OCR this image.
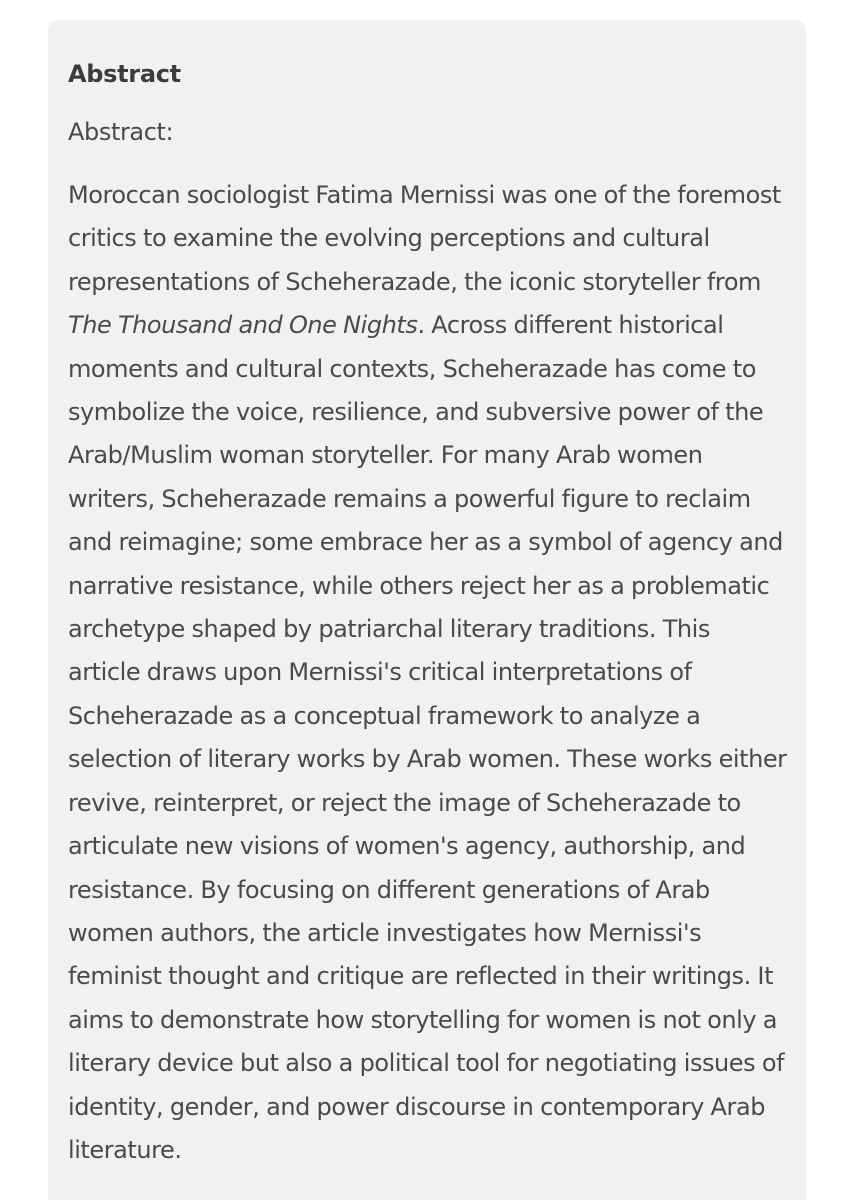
Abstract

Abstract:

Moroccan sociologist Fatima Mernissi was one of the foremost critics to examine the evolving perceptions and cultural representations of Scheherazade, the iconic storyteller from The Thousand and One Nights. Across different historical moments and cultural contexts, Scheherazade has come to symbolize the voice, resilience, and subversive power of the Arab/Muslim woman storyteller. For many Arab women writers, Scheherazade remains a powerful figure to reclaim and reimagine; some embrace her as a symbol of agency and narrative resistance, while others reject her as a problematic archetype shaped by patriarchal literary traditions. This article draws upon Mernissi's critical interpretations of Scheherazade as a conceptual framework to analyze a selection of literary works by Arab women. These works either revive, reinterpret, or reject the image of Scheherazade to articulate new visions of women's agency, authorship, and resistance. By focusing on different generations of Arab women authors, the article investigates how Mernissi's feminist thought and critique are reflected in their writings. It aims to demonstrate how storytelling for women is not only a literary device but also a political tool for negotiating issues of identity, gender, and power discourse in contemporary Arab literature.
